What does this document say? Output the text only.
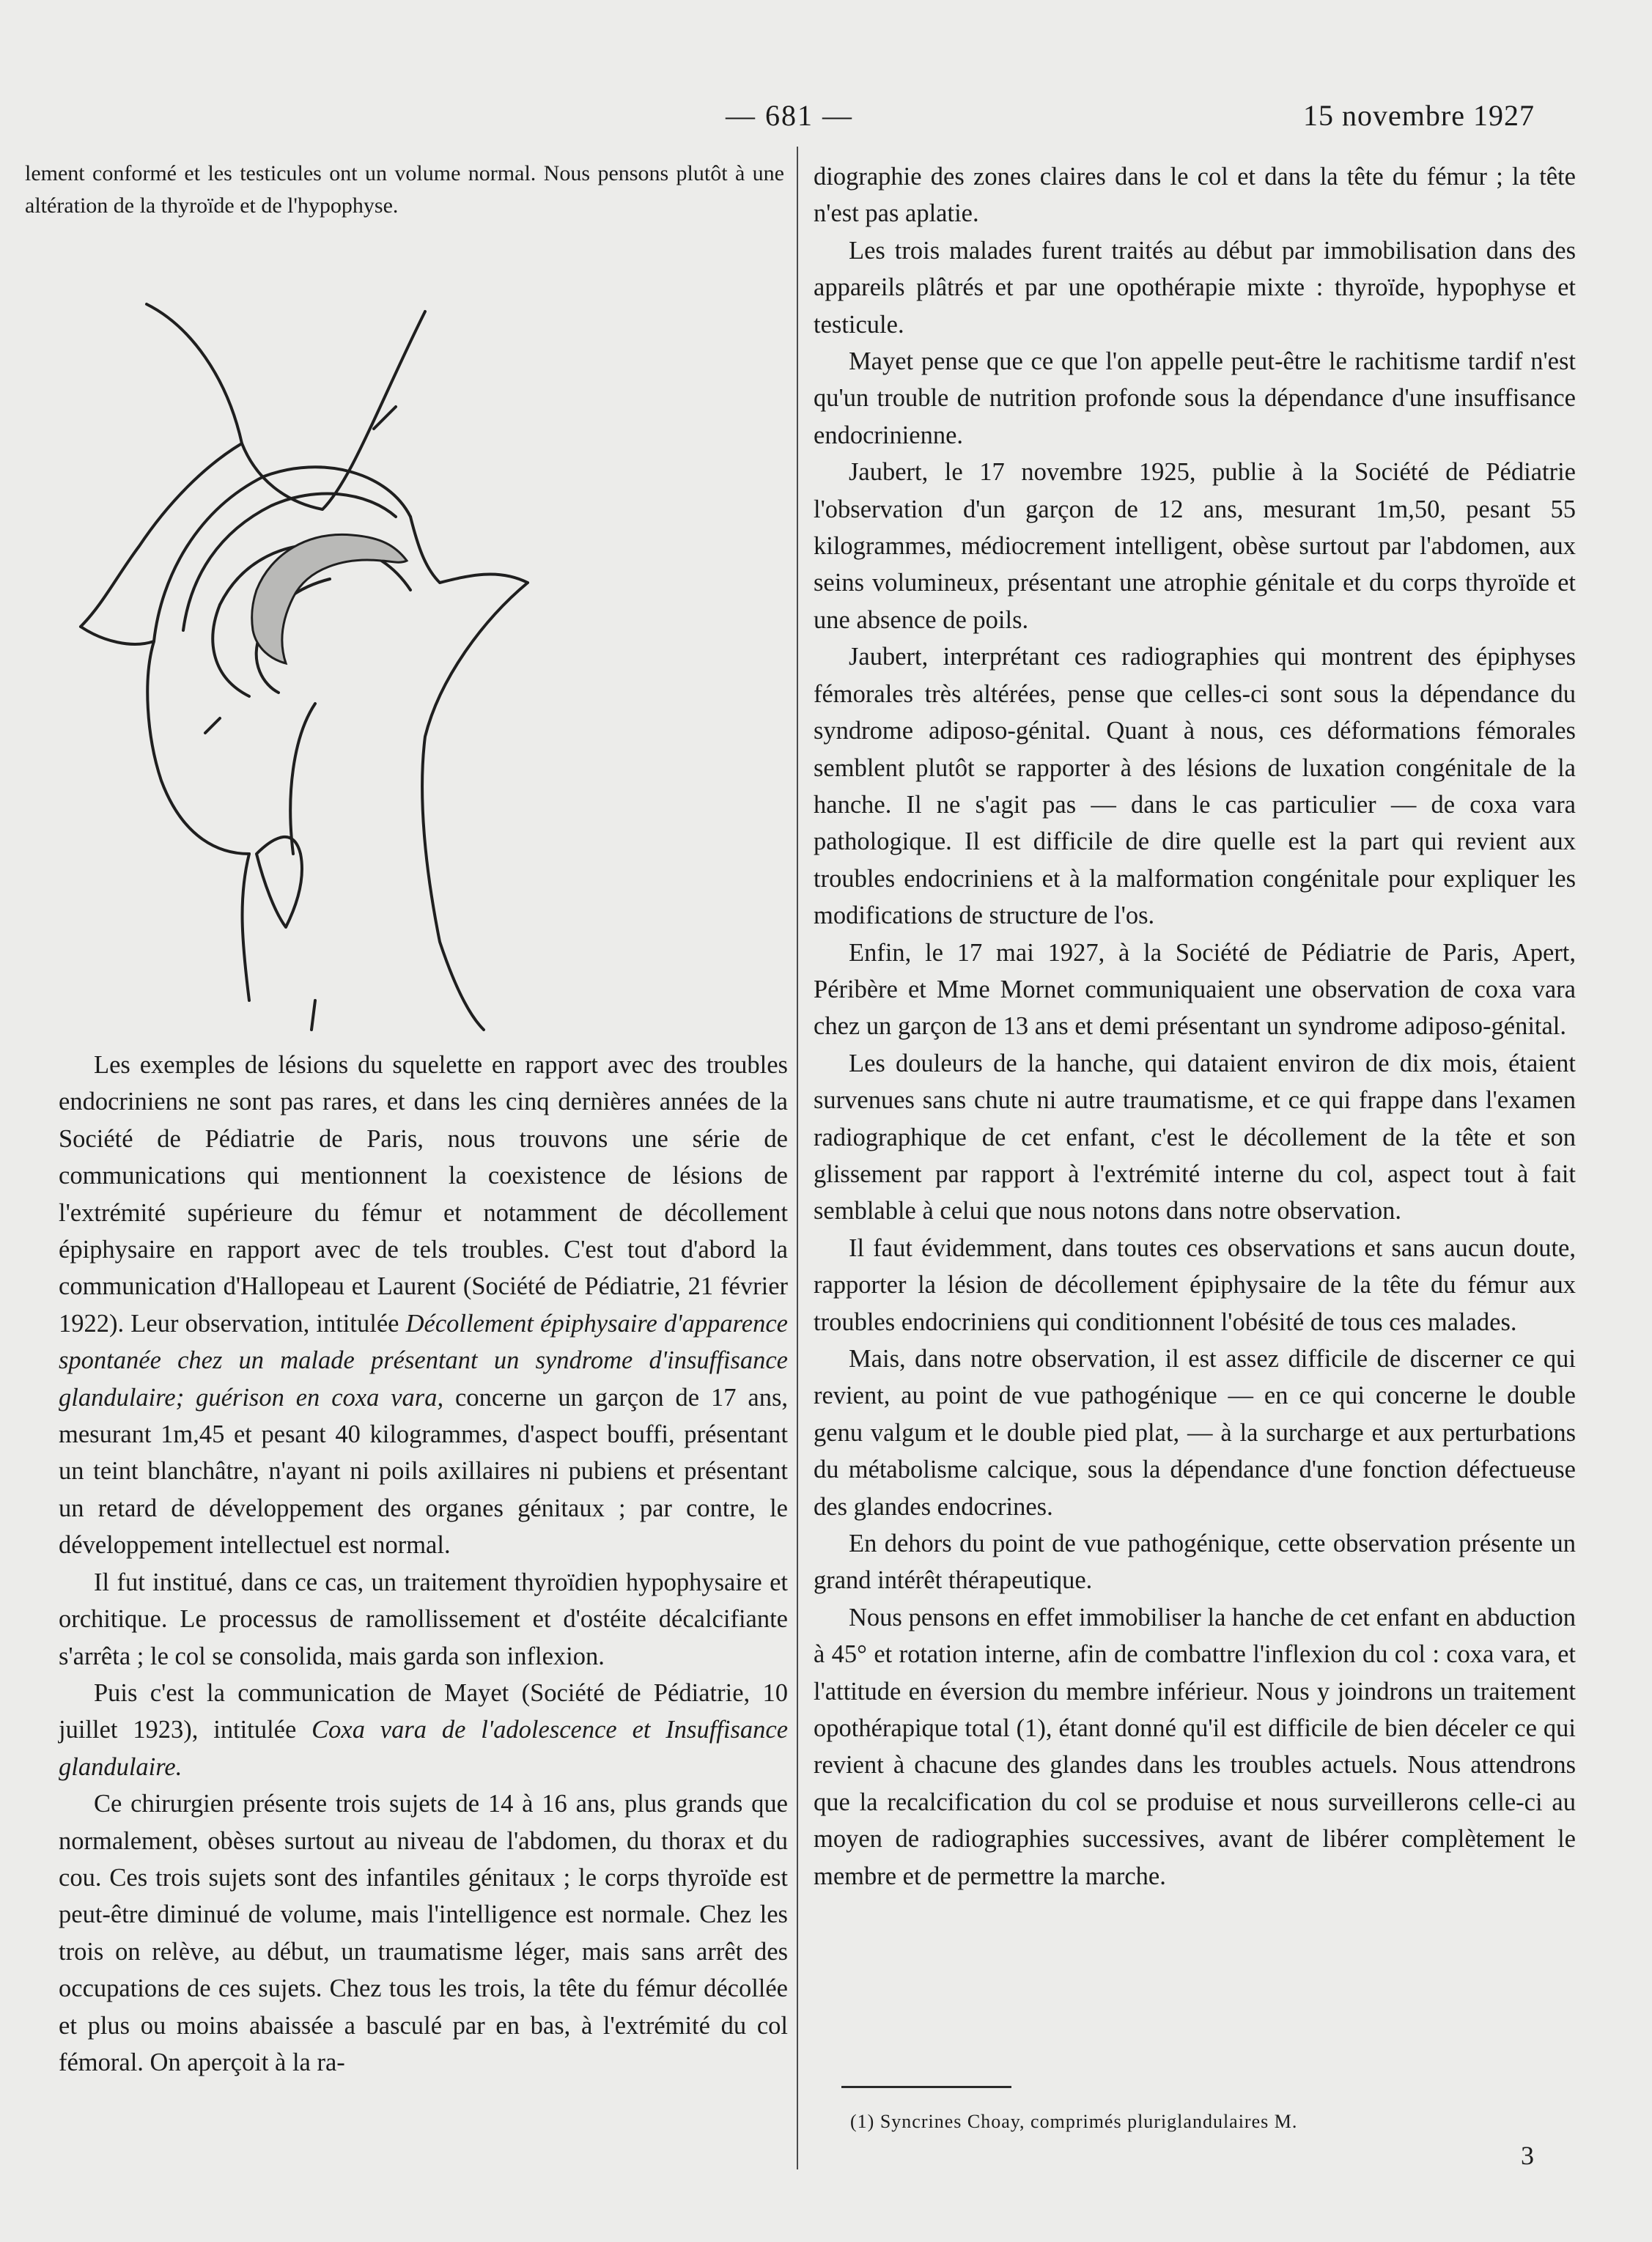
— 681 —	15 novembre 1927

lement conformé et les testicules ont un volume normal. Nous pensons plutôt à une altération de la thyroïde et de l'hypophyse.

Les exemples de lésions du squelette en rapport avec des troubles endocriniens ne sont pas rares, et dans les cinq dernières années de la Société de Pédiatrie de Paris, nous trouvons une série de communications qui mentionnent la coexistence de lésions de l'extrémité supérieure du fémur et notamment de décollement épiphysaire en rapport avec de tels troubles. C'est tout d'abord la communication d'Hallopeau et Laurent (Société de Pédiatrie, 21 février 1922). Leur observation, intitulée Décollement épiphysaire d'apparence spontanée chez un malade présentant un syndrome d'insuffisance glandulaire; guérison en coxa vara, concerne un garçon de 17 ans, mesurant 1m,45 et pesant 40 kilogrammes, d'aspect bouffi, présentant un teint blanchâtre, n'ayant ni poils axillaires ni pubiens et présentant un retard de développement des organes génitaux ; par contre, le développement intellectuel est normal.

Il fut institué, dans ce cas, un traitement thyroïdien hypophysaire et orchitique. Le processus de ramollissement et d'ostéite décalcifiante s'arrêta ; le col se consolida, mais garda son inflexion.

Puis c'est la communication de Mayet (Société de Pédiatrie, 10 juillet 1923), intitulée Coxa vara de l'adolescence et Insuffisance glandulaire.

Ce chirurgien présente trois sujets de 14 à 16 ans, plus grands que normalement, obèses surtout au niveau de l'abdomen, du thorax et du cou. Ces trois sujets sont des infantiles génitaux ; le corps thyroïde est peut-être diminué de volume, mais l'intelligence est normale. Chez les trois on relève, au début, un traumatisme léger, mais sans arrêt des occupations de ces sujets. Chez tous les trois, la tête du fémur décollée et plus ou moins abaissée a basculé par en bas, à l'extrémité du col fémoral. On aperçoit à la ra-

diographie des zones claires dans le col et dans la tête du fémur ; la tête n'est pas aplatie.

Les trois malades furent traités au début par immobilisation dans des appareils plâtrés et par une opothérapie mixte : thyroïde, hypophyse et testicule.

Mayet pense que ce que l'on appelle peut-être le rachitisme tardif n'est qu'un trouble de nutrition profonde sous la dépendance d'une insuffisance endocrinienne.

Jaubert, le 17 novembre 1925, publie à la Société de Pédiatrie l'observation d'un garçon de 12 ans, mesurant 1m,50, pesant 55 kilogrammes, médiocrement intelligent, obèse surtout par l'abdomen, aux seins volumineux, présentant une atrophie génitale et du corps thyroïde et une absence de poils.

Jaubert, interprétant ces radiographies qui montrent des épiphyses fémorales très altérées, pense que celles-ci sont sous la dépendance du syndrome adiposo-génital. Quant à nous, ces déformations fémorales semblent plutôt se rapporter à des lésions de luxation congénitale de la hanche. Il ne s'agit pas — dans le cas particulier — de coxa vara pathologique. Il est difficile de dire quelle est la part qui revient aux troubles endocriniens et à la malformation congénitale pour expliquer les modifications de structure de l'os.

Enfin, le 17 mai 1927, à la Société de Pédiatrie de Paris, Apert, Péribère et Mme Mornet communiquaient une observation de coxa vara chez un garçon de 13 ans et demi présentant un syndrome adiposo-génital.

Les douleurs de la hanche, qui dataient environ de dix mois, étaient survenues sans chute ni autre traumatisme, et ce qui frappe dans l'examen radiographique de cet enfant, c'est le décollement de la tête et son glissement par rapport à l'extrémité interne du col, aspect tout à fait semblable à celui que nous notons dans notre observation.

Il faut évidemment, dans toutes ces observations et sans aucun doute, rapporter la lésion de décollement épiphysaire de la tête du fémur aux troubles endocriniens qui conditionnent l'obésité de tous ces malades.

Mais, dans notre observation, il est assez difficile de discerner ce qui revient, au point de vue pathogénique — en ce qui concerne le double genu valgum et le double pied plat, — à la surcharge et aux perturbations du métabolisme calcique, sous la dépendance d'une fonction défectueuse des glandes endocrines.

En dehors du point de vue pathogénique, cette observation présente un grand intérêt thérapeutique.

Nous pensons en effet immobiliser la hanche de cet enfant en abduction à 45° et rotation interne, afin de combattre l'inflexion du col : coxa vara, et l'attitude en éversion du membre inférieur. Nous y joindrons un traitement opothérapique total (1), étant donné qu'il est difficile de bien déceler ce qui revient à chacune des glandes dans les troubles actuels. Nous attendrons que la recalcification du col se produise et nous surveillerons celle-ci au moyen de radiographies successives, avant de libérer complètement le membre et de permettre la marche.

(1) Syncrines Choay, comprimés pluriglandulaires M.
3
